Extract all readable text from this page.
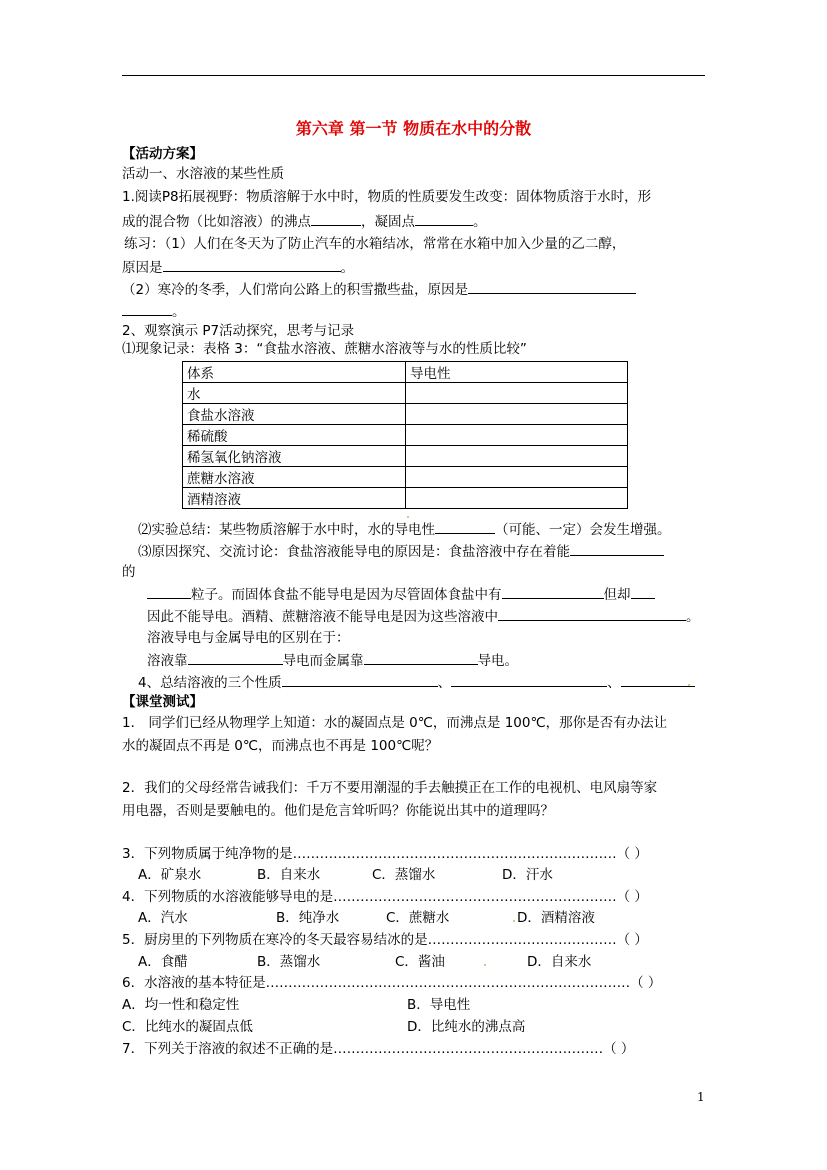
第六章 第一节 物质在水中的分散
【活动方案】
活动一、水溶液的某些性质
1.阅读P8拓展视野：物质溶解于水中时，物质的性质要发生改变：固体物质溶于水时，形
成的混合物（比如溶液）的沸点	，凝固点	。
练习：（1）人们在冬天为了防止汽车的水箱结冰，常常在水箱中加入少量的乙二醇，
原因是	。
（2）寒冷的冬季，人们常向公路上的积雪撒些盐，原因是
。
2、观察演示 P7活动探究，思考与记录
⑴现象记录：表格 3：“食盐水溶液、蔗糖水溶液等与水的性质比较”
体系	导电性
水	
食盐水溶液	
稀硫酸	
稀氢氧化钠溶液	
蔗糖水溶液	
酒精溶液	
⑵实验总结：某些物质溶解于水中时，水的导电性	（可能、一定）会发生增强。
⑶原因探究、交流讨论：食盐溶液能导电的原因是：食盐溶液中存在着能
的
粒子。而固体食盐不能导电是因为尽管固体食盐中有	但却
因此不能导电。酒精、蔗糖溶液不能导电是因为这些溶液中	。
溶液导电与金属导电的区别在于：
溶液靠	导电而金属靠	导电。
4、总结溶液的三个性质	、	、
【课堂测试】
1． 同学们已经从物理学上知道：水的凝固点是 0℃，而沸点是 100℃，那你是否有办法让
水的凝固点不再是 0℃，而沸点也不再是 100℃呢？
2．我们的父母经常告诫我们：千万不要用潮湿的手去触摸正在工作的电视机、电风扇等家
用电器，否则是要触电的。他们是危言耸听吗？你能说出其中的道理吗？
3．下列物质属于纯净物的是………………………………………………………………（ ）
A．矿泉水	B．自来水	C．蒸馏水	D．汗水
4．下列物质的水溶液能够导电的是………………………………………………………（ ）
A．汽水	B．纯净水	C．蔗糖水	D．酒精溶液
5．厨房里的下列物质在寒冷的冬天最容易结冰的是……………………………………（ ）
A．食醋	B．蒸馏水	C．酱油	D．自来水
6．水溶液的基本特征是………………………………………………………………………（ ）
A．均一性和稳定性	B．导电性
C．比纯水的凝固点低	D．比纯水的沸点高
7．下列关于溶液的叙述不正确的是……………………………………………………（ ）
1
